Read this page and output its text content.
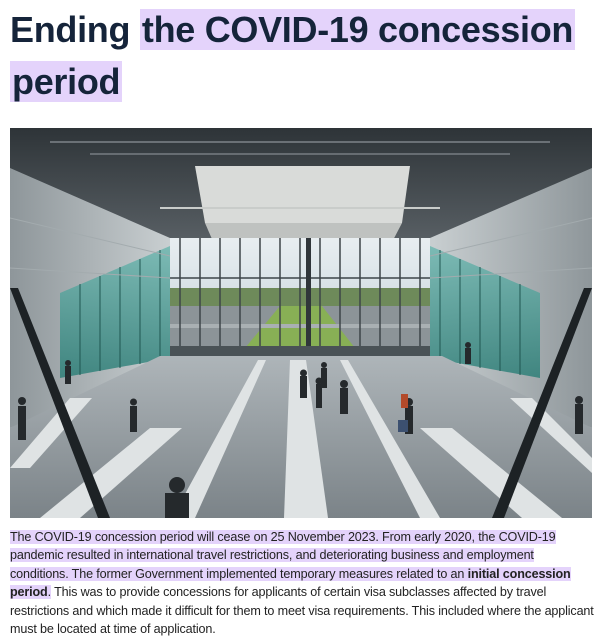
Ending the COVID-19 concession period

The COVID-19 concession period will cease on 25 November 2023. From early 2020, the COVID-19 pandemic resulted in international travel restrictions, and deteriorating business and employment conditions. The former Government implemented temporary measures related to an initial concession period. This was to provide concessions for applicants of certain visa subclasses affected by travel restrictions and which made it difficult for them to meet visa requirements. This included where the applicant must be located at time of application.
